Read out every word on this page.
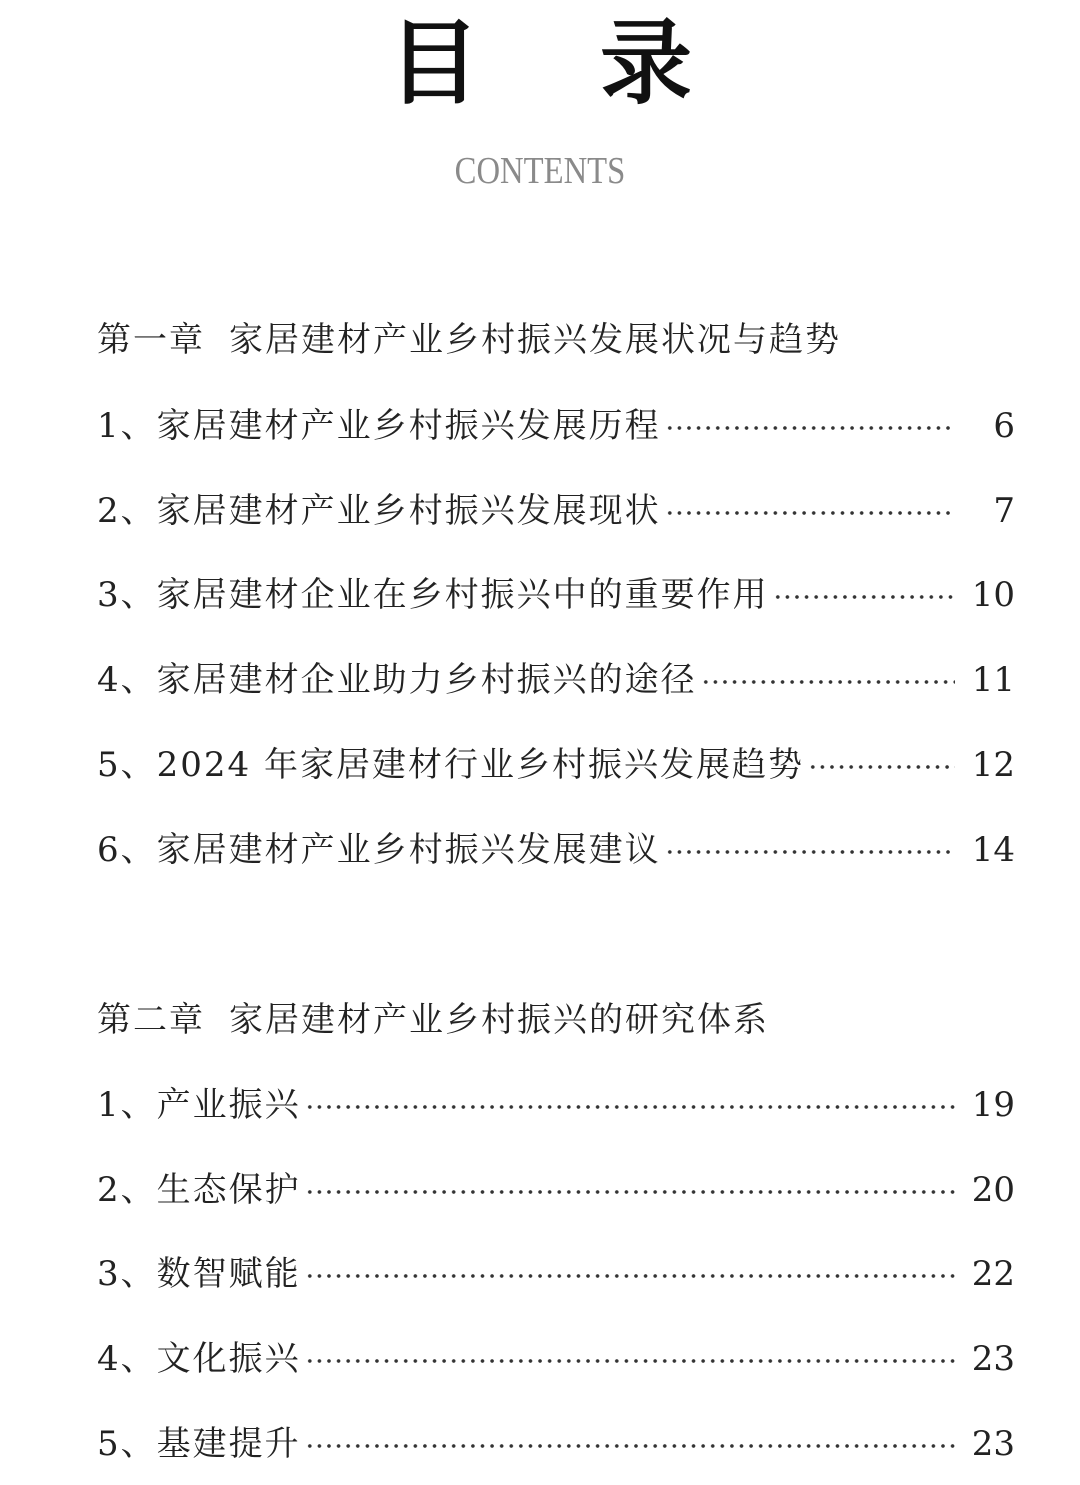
目 录
CONTENTS
第一章 家居建材产业乡村振兴发展状况与趋势
1、家居建材产业乡村振兴发展历程	6
2、家居建材产业乡村振兴发展现状	7
3、家居建材企业在乡村振兴中的重要作用	10
4、家居建材企业助力乡村振兴的途径	11
5、2024 年家居建材行业乡村振兴发展趋势	12
6、家居建材产业乡村振兴发展建议	14
第二章 家居建材产业乡村振兴的研究体系
1、产业振兴	19
2、生态保护	20
3、数智赋能	22
4、文化振兴	23
5、基建提升	23
